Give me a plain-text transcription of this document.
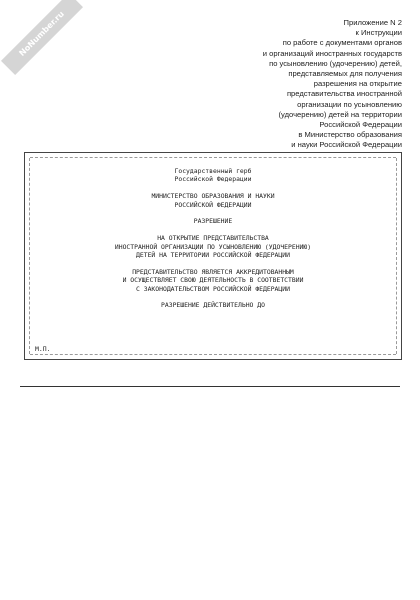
NoNumber.ru	Приложение N 2
к Инструкции
по работе с документами органов
и организаций иностранных государств
по усыновлению (удочерению) детей,
представляемых для получения
разрешения на открытие
представительства иностранной
организации по усыновлению
(удочерению) детей на территории
Российской Федерации
в Министерство образования
и науки Российской Федерации
Государственный герб
Российской Федерации
МИНИСТЕРСТВО ОБРАЗОВАНИЯ И НАУКИ
РОССИЙСКОЙ ФЕДЕРАЦИИ
РАЗРЕШЕНИЕ
НА ОТКРЫТИЕ ПРЕДСТАВИТЕЛЬСТВА
ИНОСТРАННОЙ ОРГАНИЗАЦИИ ПО УСЫНОВЛЕНИЮ (УДОЧЕРЕНИЮ)
ДЕТЕЙ НА ТЕРРИТОРИИ РОССИЙСКОЙ ФЕДЕРАЦИИ
ПРЕДСТАВИТЕЛЬСТВО ЯВЛЯЕТСЯ АККРЕДИТОВАННЫМ
И ОСУЩЕСТВЛЯЕТ СВОЮ ДЕЯТЕЛЬНОСТЬ В СООТВЕТСТВИИ
С ЗАКОНОДАТЕЛЬСТВОМ РОССИЙСКОЙ ФЕДЕРАЦИИ
РАЗРЕШЕНИЕ ДЕЙСТВИТЕЛЬНО ДО
М.П.
